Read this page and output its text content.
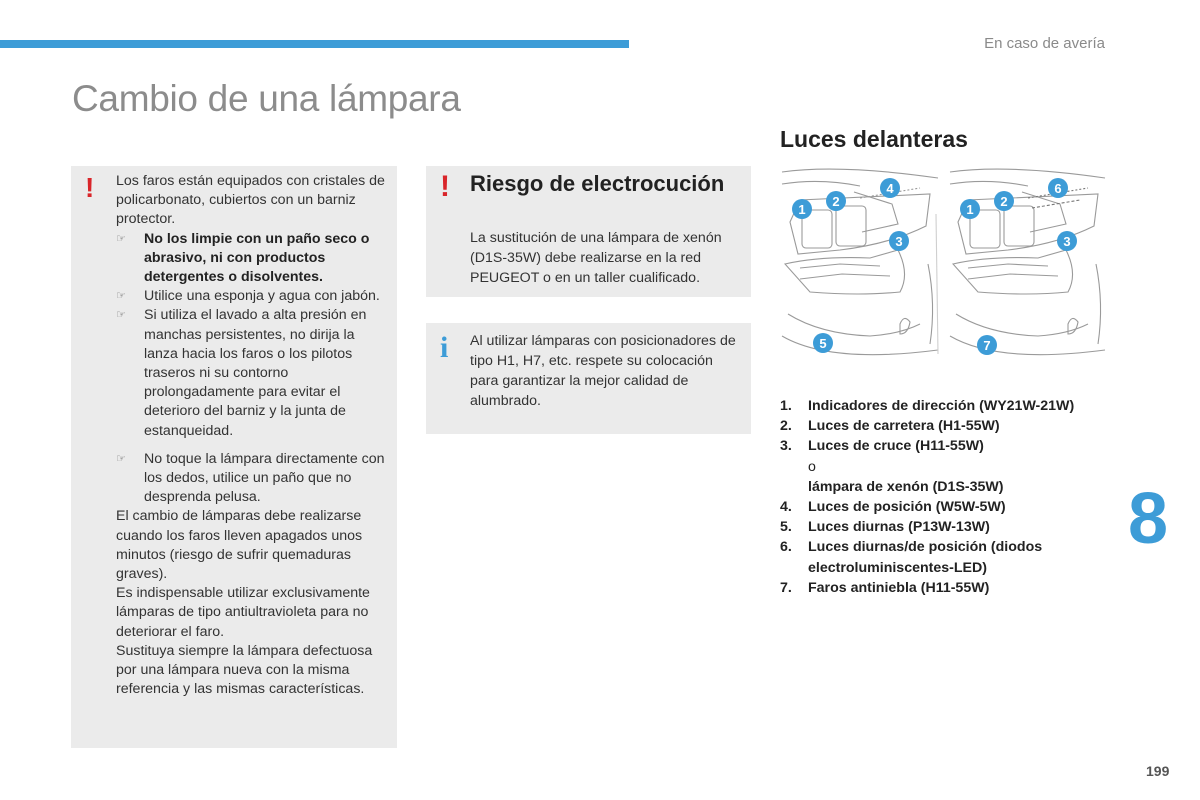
En caso de avería
Cambio de una lámpara
Luces delanteras
! Los faros están equipados con cristales de policarbonato, cubiertos con un barniz protector.

☞	No los limpie con un paño seco o abrasivo, ni con productos detergentes o disolventes.
☞	Utilice una esponja y agua con jabón.
☞	Si utiliza el lavado a alta presión en manchas persistentes, no dirija la lanza hacia los faros o los pilotos traseros ni su contorno prolongadamente para evitar el deterioro del barniz y la junta de estanqueidad.
☞	No toque la lámpara directamente con los dedos, utilice un paño que no desprenda pelusa.

El cambio de lámparas debe realizarse cuando los faros lleven apagados unos minutos (riesgo de sufrir quemaduras graves).

Es indispensable utilizar exclusivamente lámparas de tipo antiultravioleta para no deteriorar el faro.

Sustituya siempre la lámpara defectuosa por una lámpara nueva con la misma referencia y las mismas características.

! Riesgo de electrocución
La sustitución de una lámpara de xenón (D1S-35W) debe realizarse en la red PEUGEOT o en un taller cualificado.
i Al utilizar lámparas con posicionadores de tipo H1, H7, etc. respete su colocación para garantizar la mejor calidad de alumbrado.
1
2
3
4
5
1
2
3
6
7
1.	Indicadores de dirección (WY21W-21W)
2.	Luces de carretera (H1-55W)
3.	Luces de cruce (H11-55W)
o
lámpara de xenón (D1S-35W)
4.	Luces de posición (W5W-5W)
5.	Luces diurnas (P13W-13W)
6.	Luces diurnas/de posición (diodos electroluminiscentes-LED)
7.	Faros antiniebla (H11-55W)
8
199
